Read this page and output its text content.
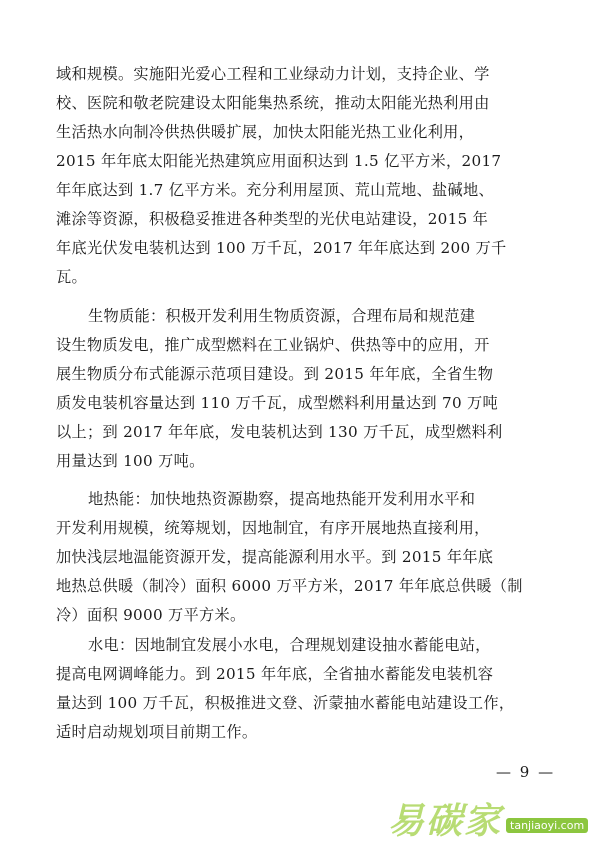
域和规模。实施阳光爱心工程和工业绿动力计划，支持企业、学
校、医院和敬老院建设太阳能集热系统，推动太阳能光热利用由
生活热水向制冷供热供暖扩展，加快太阳能光热工业化利用，
2015 年年底太阳能光热建筑应用面积达到 1.5 亿平方米，2017
年年底达到 1.7 亿平方米。充分利用屋顶、荒山荒地、盐碱地、
滩涂等资源，积极稳妥推进各种类型的光伏电站建设，2015 年
年底光伏发电装机达到 100 万千瓦，2017 年年底达到 200 万千
瓦。
生物质能：积极开发利用生物质资源，合理布局和规范建
设生物质发电，推广成型燃料在工业锅炉、供热等中的应用，开
展生物质分布式能源示范项目建设。到 2015 年年底，全省生物
质发电装机容量达到 110 万千瓦，成型燃料利用量达到 70 万吨
以上；到 2017 年年底，发电装机达到 130 万千瓦，成型燃料利
用量达到 100 万吨。
地热能：加快地热资源勘察，提高地热能开发利用水平和
开发利用规模，统筹规划，因地制宜，有序开展地热直接利用，
加快浅层地温能资源开发，提高能源利用水平。到 2015 年年底
地热总供暖（制冷）面积 6000 万平方米，2017 年年底总供暖（制
冷）面积 9000 万平方米。
水电：因地制宜发展小水电，合理规划建设抽水蓄能电站，
提高电网调峰能力。到 2015 年年底，全省抽水蓄能发电装机容
量达到 100 万千瓦，积极推进文登、沂蒙抽水蓄能电站建设工作，
适时启动规划项目前期工作。
— 9 —
易碳家 tanjiaoyi.com
